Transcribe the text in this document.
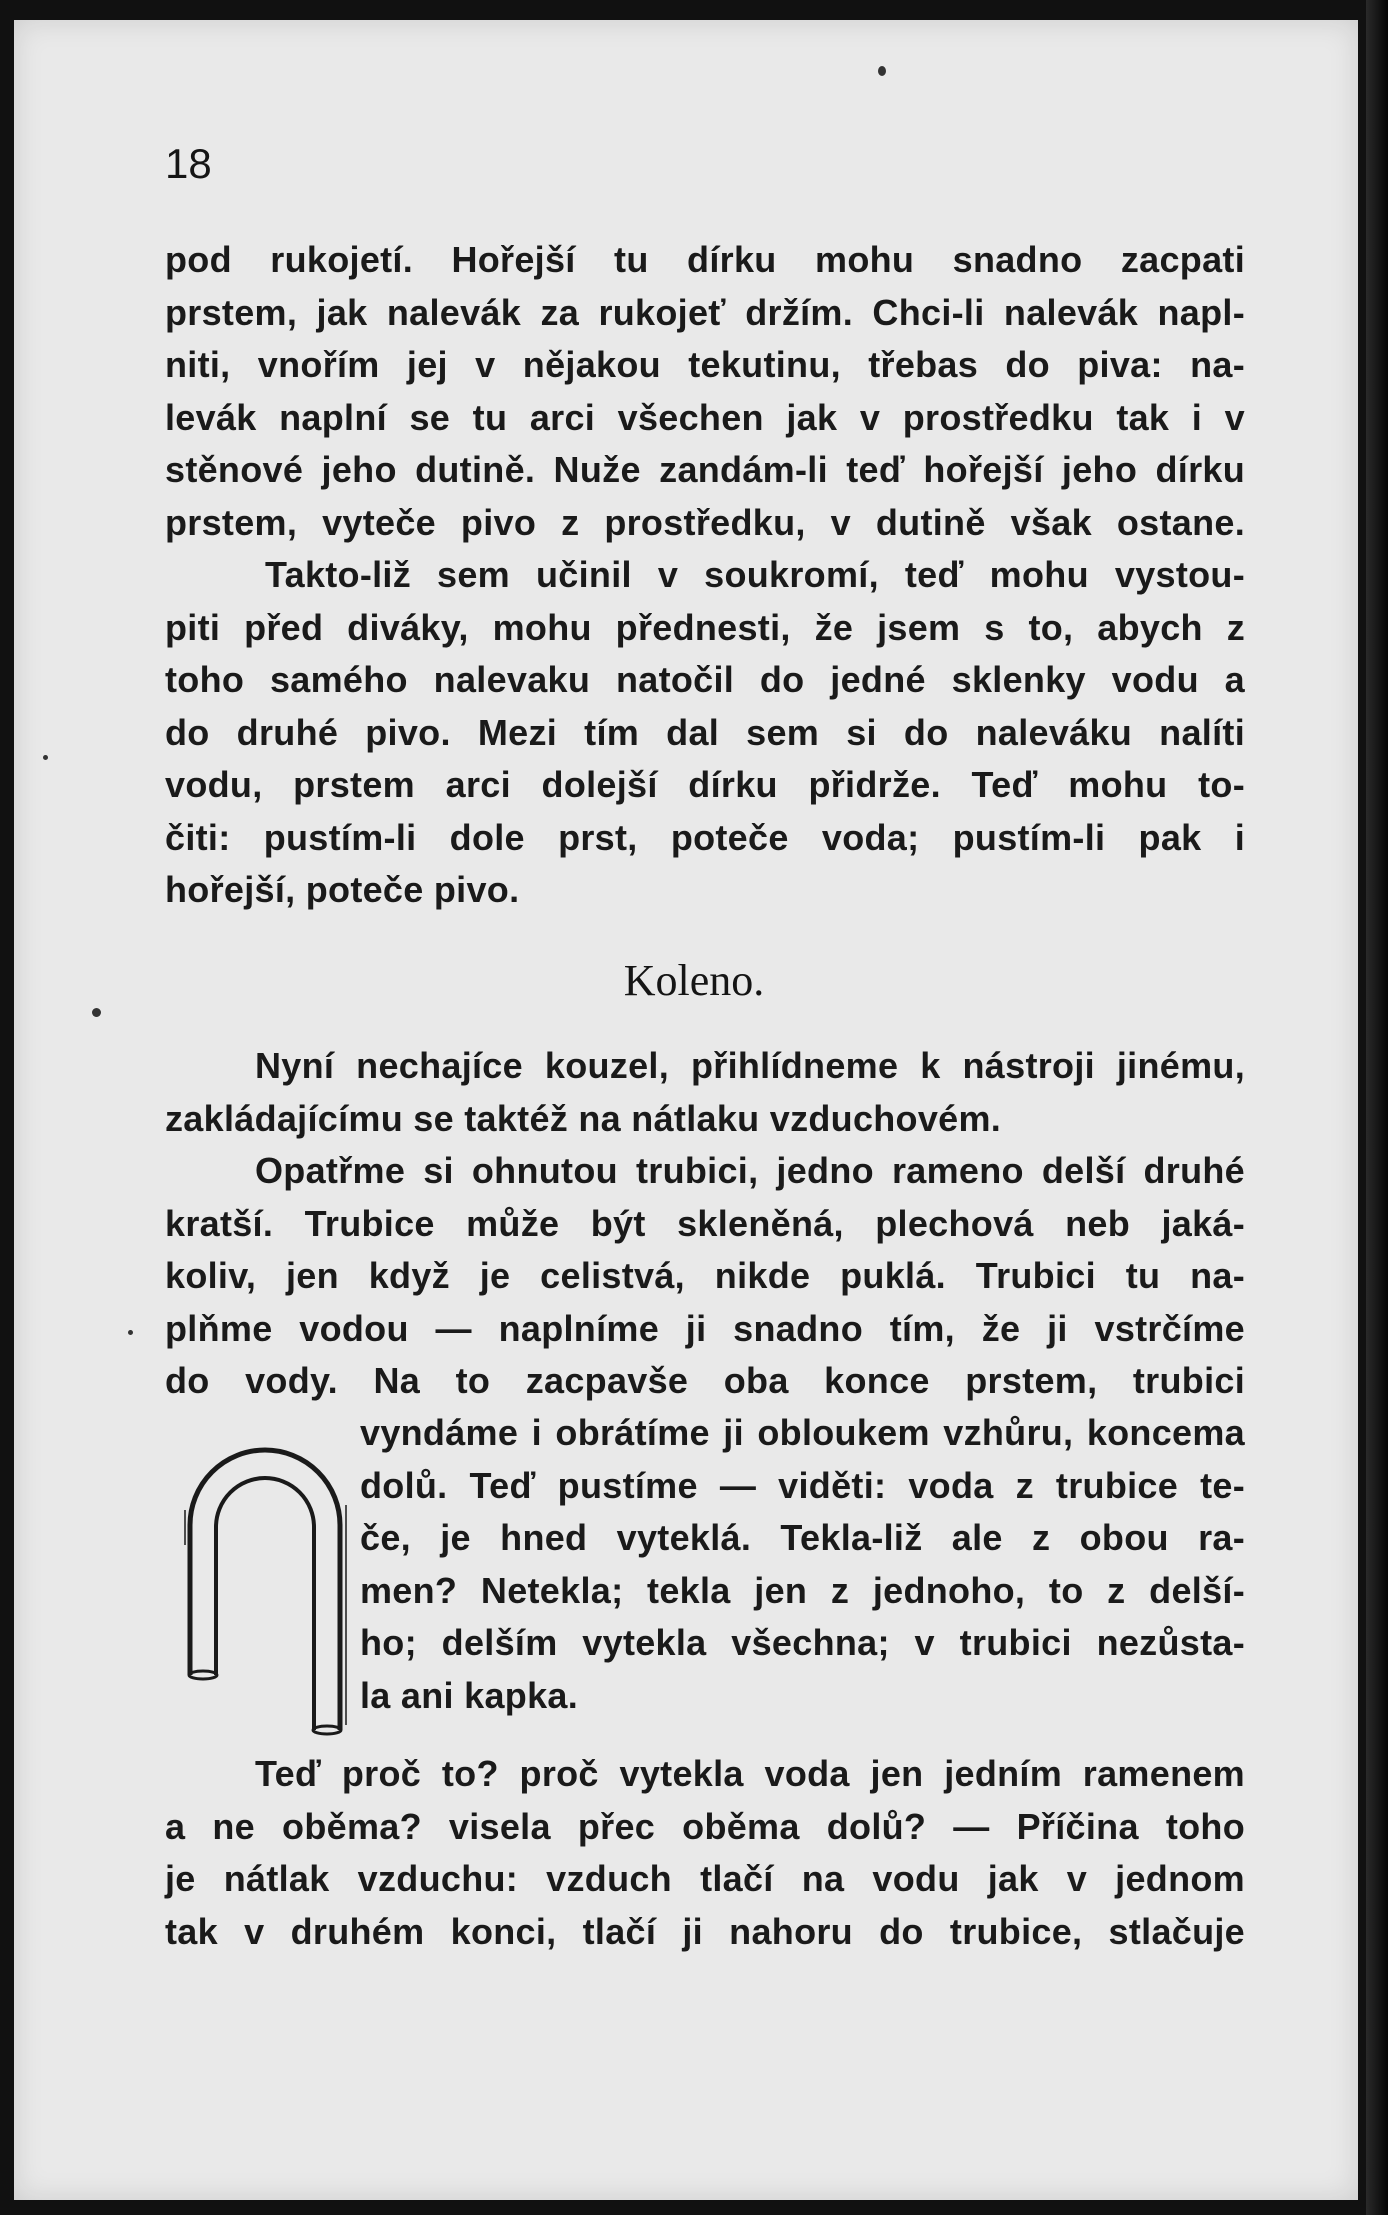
18
pod rukojetí. Hořejší tu dírku mohu snadno zacpati
prstem, jak nalevák za rukojeť držím. Chci-li nalevák napl-
niti, vnořím jej v nějakou tekutinu, třebas do piva: na-
levák naplní se tu arci všechen jak v prostředku tak i v
stěnové jeho dutině. Nuže zandám-li teď hořejší jeho dírku
prstem, vyteče pivo z prostředku, v dutině však ostane.
Takto-liž sem učinil v soukromí, teď mohu vystou-
piti před diváky, mohu přednesti, že jsem s to, abych z
toho samého nalevaku natočil do jedné sklenky vodu a
do druhé pivo. Mezi tím dal sem si do naleváku nalíti
vodu, prstem arci dolejší dírku přidrže. Teď mohu to-
čiti: pustím-li dole prst, poteče voda; pustím-li pak i
hořejší, poteče pivo.
Koleno.
Nyní nechajíce kouzel, přihlídneme k nástroji jinému,
zakládajícímu se taktéž na nátlaku vzduchovém.
Opatřme si ohnutou trubici, jedno rameno delší druhé
kratší. Trubice může být skleněná, plechová neb jaká-
koliv, jen když je celistvá, nikde puklá. Trubici tu na-
plňme vodou — naplníme ji snadno tím, že ji vstrčíme
do vody. Na to zacpavše oba konce prstem, trubici
vyndáme i obrátíme ji obloukem vzhůru, koncema
dolů. Teď pustíme — viděti: voda z trubice te-
če, je hned vyteklá. Tekla-liž ale z obou ra-
men? Netekla; tekla jen z jednoho, to z delší-
ho; delším vytekla všechna; v trubici nezůsta-
la ani kapka.
Teď proč to? proč vytekla voda jen jedním ramenem
a ne oběma? visela přec oběma dolů? — Příčina toho
je nátlak vzduchu: vzduch tlačí na vodu jak v jednom
tak v druhém konci, tlačí ji nahoru do trubice, stlačuje
